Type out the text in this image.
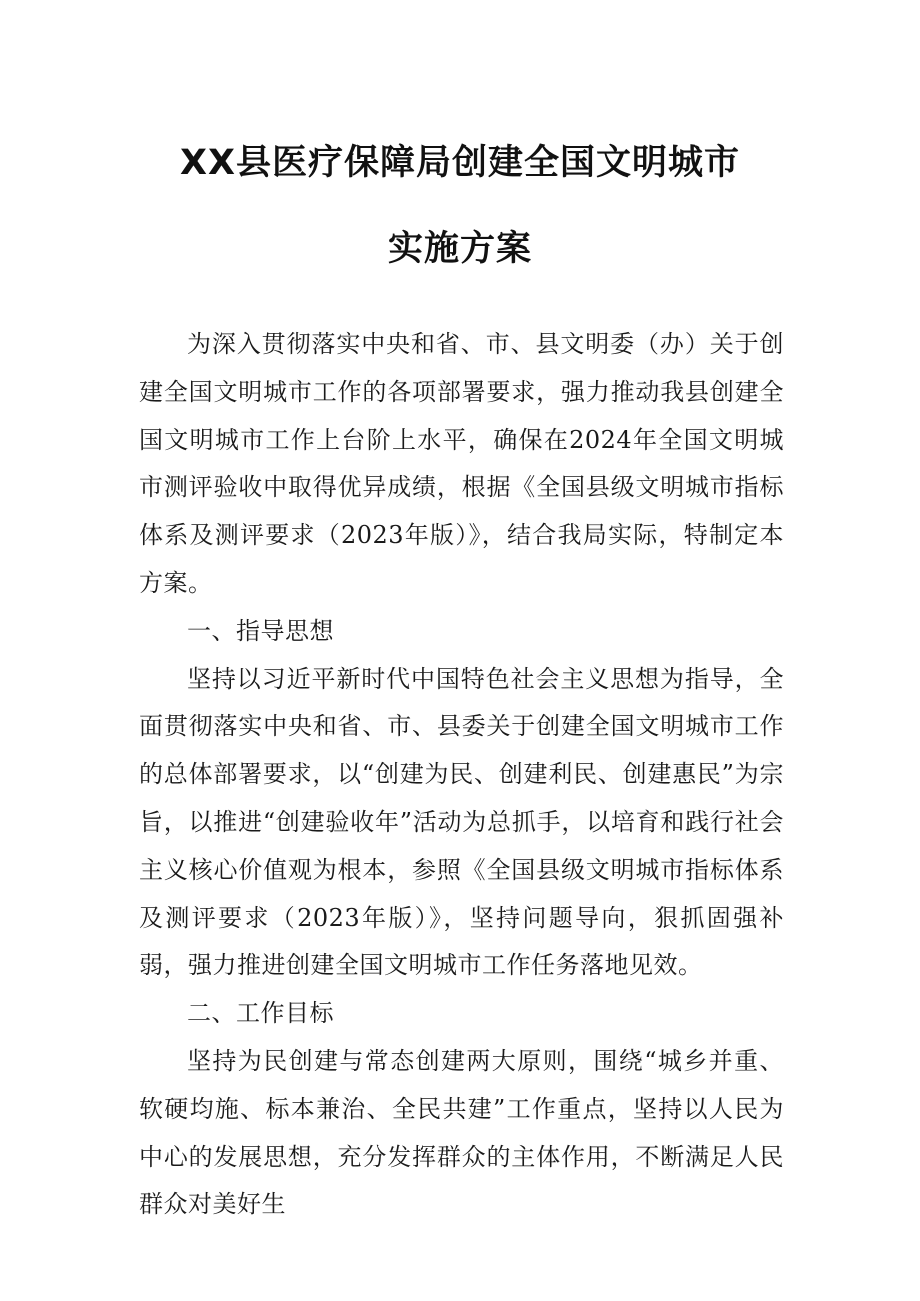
XX县医疗保障局创建全国文明城市
实施方案

为深入贯彻落实中央和省、市、县文明委（办）关于创建全国文明城市工作的各项部署要求，强力推动我县创建全国文明城市工作上台阶上水平，确保在2024年全国文明城市测评验收中取得优异成绩，根据《全国县级文明城市指标体系及测评要求（2023年版）》，结合我局实际，特制定本方案。

一、指导思想

坚持以习近平新时代中国特色社会主义思想为指导，全面贯彻落实中央和省、市、县委关于创建全国文明城市工作的总体部署要求，以“创建为民、创建利民、创建惠民”为宗旨，以推进“创建验收年”活动为总抓手，以培育和践行社会主义核心价值观为根本，参照《全国县级文明城市指标体系及测评要求（2023年版）》，坚持问题导向，狠抓固强补弱，强力推进创建全国文明城市工作任务落地见效。

二、工作目标

坚持为民创建与常态创建两大原则，围绕“城乡并重、软硬均施、标本兼治、全民共建”工作重点，坚持以人民为中心的发展思想，充分发挥群众的主体作用，不断满足人民群众对美好生
